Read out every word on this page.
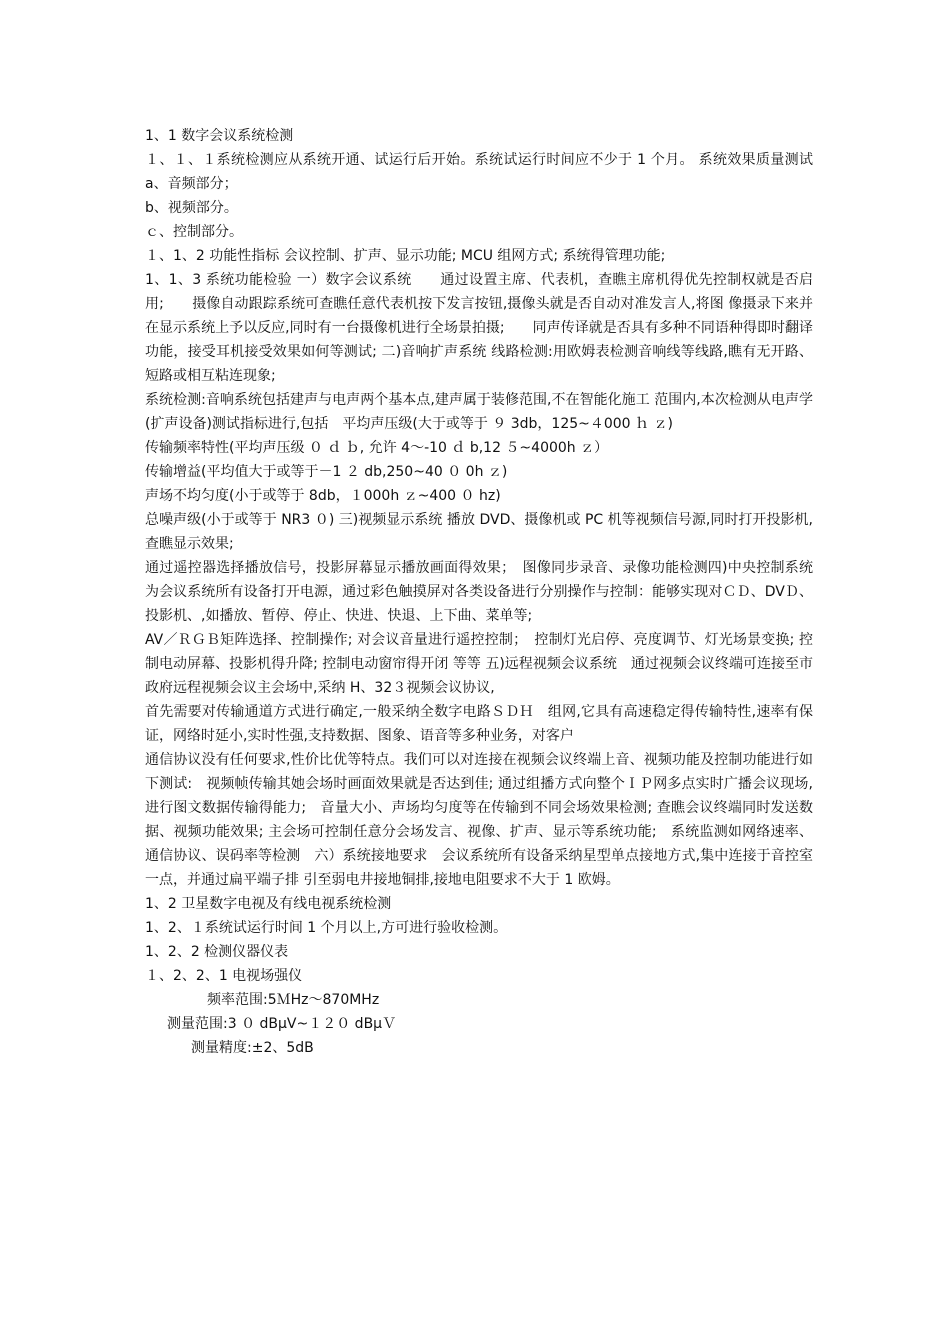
1、1 数字会议系统检测

１、１、１系统检测应从系统开通、试运行后开始。系统试运行时间应不少于 1 个月。 系统效果质量测试 a、音频部分；

b、视频部分。

ｃ、控制部分。

１、1、2 功能性指标 会议控制、扩声、显示功能; MCU 组网方式; 系统得管理功能;

1、1、3 系统功能检验 一）数字会议系统　　通过设置主席、代表机，查瞧主席机得优先控制权就是否启用;　　摄像自动跟踪系统可查瞧任意代表机按下发言按钮,摄像头就是否自动对准发言人,将图 像摄录下来并在显示系统上予以反应,同时有一台摄像机进行全场景拍摄;　　同声传译就是否具有多种不同语种得即时翻译功能，接受耳机接受效果如何等测试; 二)音响扩声系统 线路检测:用欧姆表检测音响线等线路,瞧有无开路、短路或相互粘连现象;

系统检测:音响系统包括建声与电声两个基本点,建声属于装修范围,不在智能化施工 范围内,本次检测从电声学(扩声设备)测试指标进行,包括　平均声压级(大于或等于 ９ 3db，125~４000 ｈ ｚ)

传输频率特性(平均声压级 ０ ｄ ｂ, 允许 4～-10 ｄ b,12 ５~4000h ｚ）

传输增益(平均值大于或等于－1 ２ db,250~40 ０ 0h ｚ)

声场不均匀度(小于或等于 8db，１000h ｚ~400 ０ hz)

总噪声级(小于或等于 NR3 ０) 三)视频显示系统 播放 DVD、摄像机或 PC 机等视频信号源,同时打开投影机,查瞧显示效果;

通过遥控器选择播放信号，投影屏幕显示播放画面得效果；　图像同步录音、录像功能检测四)中央控制系统 为会议系统所有设备打开电源，通过彩色触摸屏对各类设备进行分别操作与控制：能够实现对ＣＤ、DVＤ、投影机、,如播放、暂停、停止、快进、快退、上下曲、菜单等;

AV／ＲＧＢ矩阵选择、控制操作; 对会议音量进行遥控控制；　控制灯光启停、亮度调节、灯光场景变换; 控制电动屏幕、投影机得升降; 控制电动窗帘得开闭 等等 五)远程视频会议系统　通过视频会议终端可连接至市政府远程视频会议主会场中,采纳 H、32３视频会议协议,

首先需要对传输通道方式进行确定,一般采纳全数字电路ＳＤＨ　组网,它具有高速稳定得传输特性,速率有保证，网络时延小,实时性强,支持数据、图象、语音等多种业务，对客户

通信协议没有任何要求,性价比优等特点。我们可以对连接在视频会议终端上音、视频功能及控制功能进行如下测试:　视频帧传输其她会场时画面效果就是否达到佳; 通过组播方式向整个ＩＰ网多点实时广播会议现场,进行图文数据传输得能力;　音量大小、声场均匀度等在传输到不同会场效果检测; 查瞧会议终端同时发送数据、视频功能效果; 主会场可控制任意分会场发言、视像、扩声、显示等系统功能;　系统监测如网络速率、通信协议、误码率等检测　六）系统接地要求　会议系统所有设备采纳星型单点接地方式,集中连接于音控室一点，并通过扁平端子排 引至弱电井接地铜排,接地电阻要求不大于 1 欧姆。

1、2 卫星数字电视及有线电视系统检测

1、2、１系统试运行时间 1 个月以上,方可进行验收检测。

1、2、2 检测仪器仪表

１、2、2、1 电视场强仪

频率范围:5ＭHz～870MHz

测量范围:3 ０ dBμV~１２０ dBμＶ

测量精度:±2、5dB
